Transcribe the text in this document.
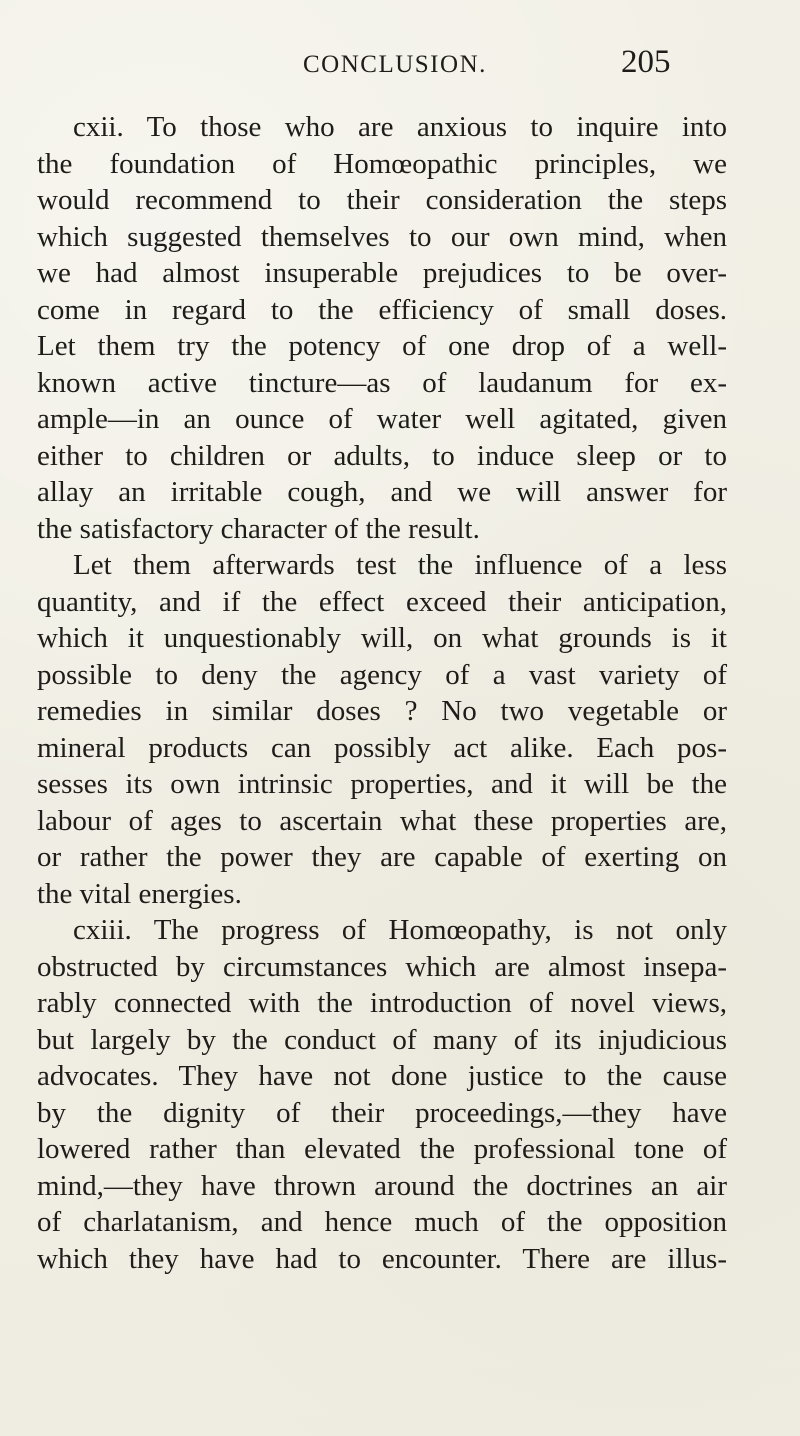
CONCLUSION.	205
cxii. To those who are anxious to inquire into
the foundation of Homœopathic principles, we
would recommend to their consideration the steps
which suggested themselves to our own mind, when
we had almost insuperable prejudices to be over-
come in regard to the efficiency of small doses.
Let them try the potency of one drop of a well-
known active tincture—as of laudanum for ex-
ample—in an ounce of water well agitated, given
either to children or adults, to induce sleep or to
allay an irritable cough, and we will answer for
the satisfactory character of the result.
Let them afterwards test the influence of a less
quantity, and if the effect exceed their anticipation,
which it unquestionably will, on what grounds is it
possible to deny the agency of a vast variety of
remedies in similar doses ? No two vegetable or
mineral products can possibly act alike. Each pos-
sesses its own intrinsic properties, and it will be the
labour of ages to ascertain what these properties are,
or rather the power they are capable of exerting on
the vital energies.
cxiii. The progress of Homœopathy, is not only
obstructed by circumstances which are almost insepa-
rably connected with the introduction of novel views,
but largely by the conduct of many of its injudicious
advocates. They have not done justice to the cause
by the dignity of their proceedings,—they have
lowered rather than elevated the professional tone of
mind,—they have thrown around the doctrines an air
of charlatanism, and hence much of the opposition
which they have had to encounter. There are illus-
